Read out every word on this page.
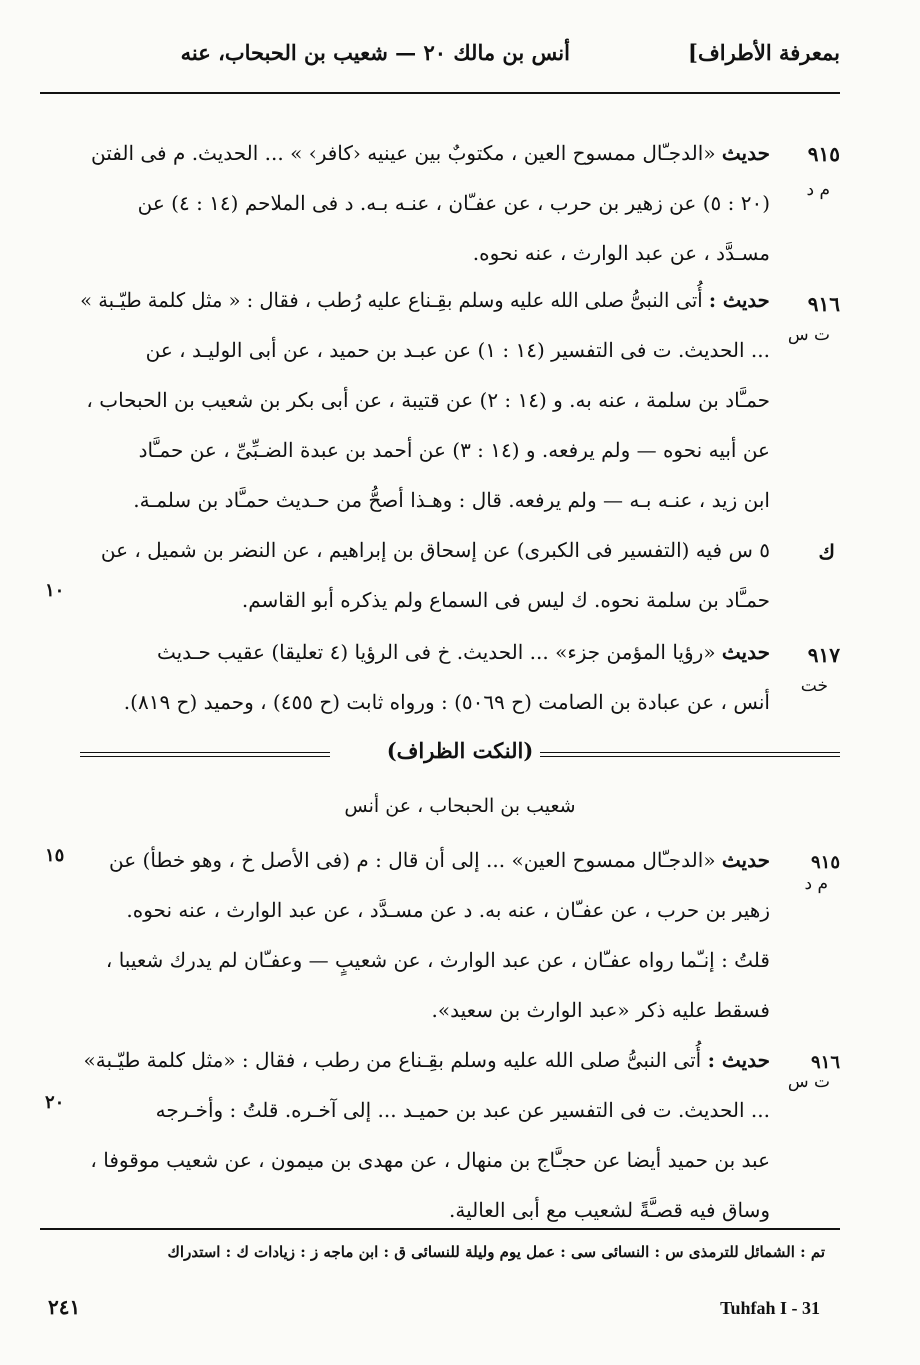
بمعرفة الأطراف]
أنس بن مالك ٢٠ — شعيب بن الحبحاب، عنه
٩١٥
م د
حديث «الدجـّال ممسوح العين ، مكتوبٌ بين عينيه ‹كافر› » ... الحديث. م فى الفتن
(٢٠ : ٥) عن زهير بن حرب ، عن عفـّان ، عنـه بـه. د فى الملاحم (١٤ : ٤) عن
مسـدَّد ، عن عبد الوارث ، عنه نحوه.
٩١٦
ت س
حديث : أُتى النبىُّ صلى الله عليه وسلم بقِـناع عليه رُطب ، فقال : « مثل كلمة طيّـبة »
... الحديث. ت فى التفسير (١٤ : ١) عن عبـد بن حميد ، عن أبى الوليـد ، عن
حمـَّاد بن سلمة ، عنه به. و (١٤ : ٢) عن قتيبة ، عن أبى بكر بن شعيب بن الحبحاب ،
عن أبيه نحوه — ولم يرفعه. و (١٤ : ٣) عن أحمد بن عبدة الضـبِّىِّ ، عن حمـَّاد
ابن زيد ، عنـه بـه — ولم يرفعه. قال : وهـذا أصحُّ من حـديث حمـَّاد بن سلمـة.
ك
٥ س فيه (التفسير فى الكبرى) عن إسحاق بن إبراهيم ، عن النضر بن شميل ، عن
حمـَّاد بن سلمة نحوه. ك ليس فى السماع ولم يذكره أبو القاسم.
١٠
٩١٧
خت
حديث «رؤيا المؤمن جزء» ... الحديث. خ فى الرؤيا (٤ تعليقا) عقيب حـديث
أنس ، عن عبادة بن الصامت (ح ٥٠٦٩) : ورواه ثابت (ح ٤٥٥) ، وحميد (ح ٨١٩).
(النكت الظراف)
شعيب بن الحبحاب ، عن أنس
٩١٥
م د
حديث «الدجـّال ممسوح العين» ... إلى أن قال : م (فى الأصل خ ، وهو خطأ) عن
زهير بن حرب ، عن عفـّان ، عنه به. د عن مسـدَّد ، عن عبد الوارث ، عنه نحوه.
قلتُ : إنـّما رواه عفـّان ، عن عبد الوارث ، عن شعيبٍ — وعفـّان لم يدرك شعيبا ،
فسقط عليه ذكر «عبد الوارث بن سعيد».
١٥
٩١٦
ت س
حديث : أُتى النبىُّ صلى الله عليه وسلم بقِـناع من رطب ، فقال : «مثل كلمة طيّـبة»
... الحديث. ت فى التفسير عن عبد بن حميـد ... إلى آخـره. قلتُ : وأخـرجه
عبد بن حميد أيضا عن حجـَّاج بن منهال ، عن مهدى بن ميمون ، عن شعيب موقوفا ،
وساق فيه قصـَّةً لشعيب مع أبى العالية.
٢٠
تم : الشمائل للترمذى س : النسائى سى : عمل يوم وليلة للنسائى ق : ابن ماجه ز : زيادات ك : استدراك
٢٤١	Tuhfah I - 31
